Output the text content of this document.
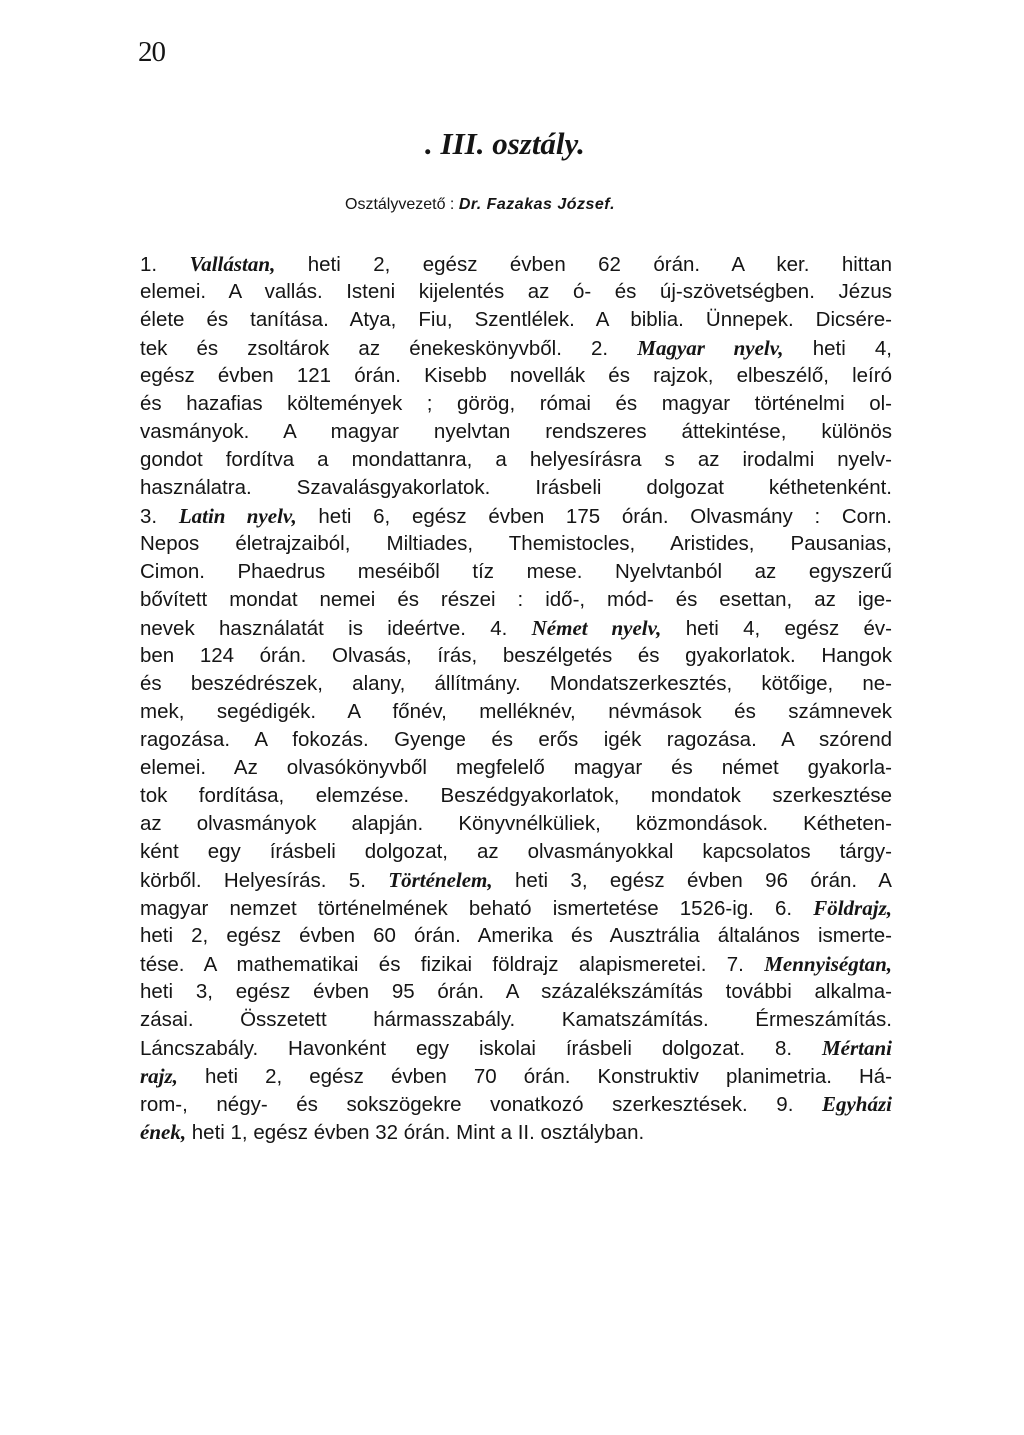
20
. III. osztály.
Osztályvezető : Dr. Fazakas József.
1. Vallástan, heti 2, egész évben 62 órán. A ker. hittan
elemei. A vallás. Isteni kijelentés az ó- és új-szövetségben. Jézus
élete és tanítása. Atya, Fiu, Szentlélek. A biblia. Ünnepek. Dicsére-
tek és zsoltárok az énekeskönyvből. 2. Magyar nyelv, heti 4,
egész évben 121 órán. Kisebb novellák és rajzok, elbeszélő, leíró
és hazafias költemények ; görög, római és magyar történelmi ol-
vasmányok. A magyar nyelvtan rendszeres áttekintése, különös
gondot fordítva a mondattanra, a helyesírásra s az irodalmi nyelv-
használatra. Szavalásgyakorlatok. Irásbeli dolgozat kéthetenként.
3. Latin nyelv, heti 6, egész évben 175 órán. Olvasmány : Corn.
Nepos életrajzaiból, Miltiades, Themistocles, Aristides, Pausanias,
Cimon. Phaedrus meséiből tíz mese. Nyelvtanból az egyszerű
bővített mondat nemei és részei : idő-, mód- és esettan, az ige-
nevek használatát is ideértve. 4. Német nyelv, heti 4, egész év-
ben 124 órán. Olvasás, írás, beszélgetés és gyakorlatok. Hangok
és beszédrészek, alany, állítmány. Mondatszerkesztés, kötőige, ne-
mek, segédigék. A főnév, melléknév, névmások és számnevek
ragozása. A fokozás. Gyenge és erős igék ragozása. A szórend
elemei. Az olvasókönyvből megfelelő magyar és német gyakorla-
tok fordítása, elemzése. Beszédgyakorlatok, mondatok szerkesztése
az olvasmányok alapján. Könyvnélküliek, közmondások. Kétheten-
ként egy írásbeli dolgozat, az olvasmányokkal kapcsolatos tárgy-
körből. Helyesírás. 5. Történelem, heti 3, egész évben 96 órán. A
magyar nemzet történelmének beható ismertetése 1526-ig. 6. Földrajz,
heti 2, egész évben 60 órán. Amerika és Ausztrália általános ismerte-
tése. A mathematikai és fizikai földrajz alapismeretei. 7. Mennyiségtan,
heti 3, egész évben 95 órán. A százalékszámítás további alkalma-
zásai. Összetett hármasszabály. Kamatszámítás. Érmeszámítás.
Láncszabály. Havonként egy iskolai írásbeli dolgozat. 8. Mértani
rajz, heti 2, egész évben 70 órán. Konstruktiv planimetria. Há-
rom-, négy- és sokszögekre vonatkozó szerkesztések. 9. Egyházi
ének, heti 1, egész évben 32 órán. Mint a II. osztályban.
